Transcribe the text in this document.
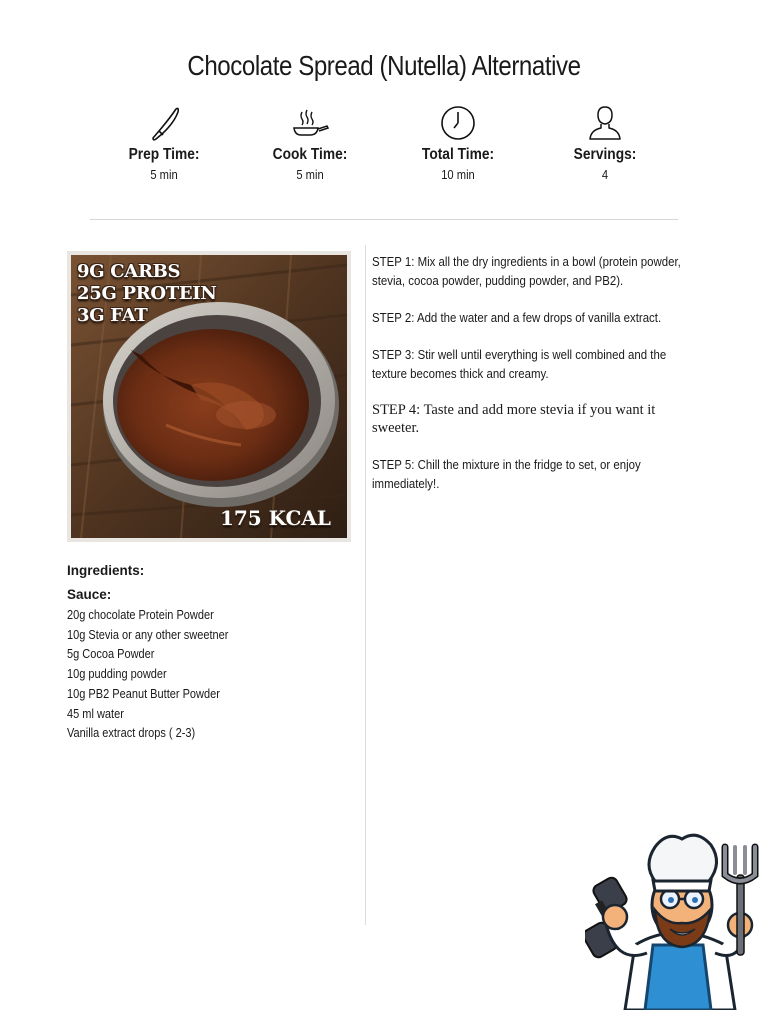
Chocolate Spread (Nutella) Alternative
Prep Time:
5 min
Cook Time:
5 min
Total Time:
10 min
Servings:
4
9G CARBS
25G PROTEIN
3G FAT
175 KCAL
Ingredients:
Sauce:
20g chocolate Protein Powder
10g Stevia or any other sweetner
5g Cocoa Powder
10g pudding powder
10g PB2 Peanut Butter Powder
45 ml water
Vanilla extract drops ( 2-3)
STEP 1: Mix all the dry ingredients in a bowl (protein powder, stevia, cocoa powder, pudding powder, and PB2).
STEP 2: Add the water and a few drops of vanilla extract.
STEP 3: Stir well until everything is well combined and the texture becomes thick and creamy.
STEP 4: Taste and add more stevia if you want it sweeter.
STEP 5: Chill the mixture in the fridge to set, or enjoy immediately!.
